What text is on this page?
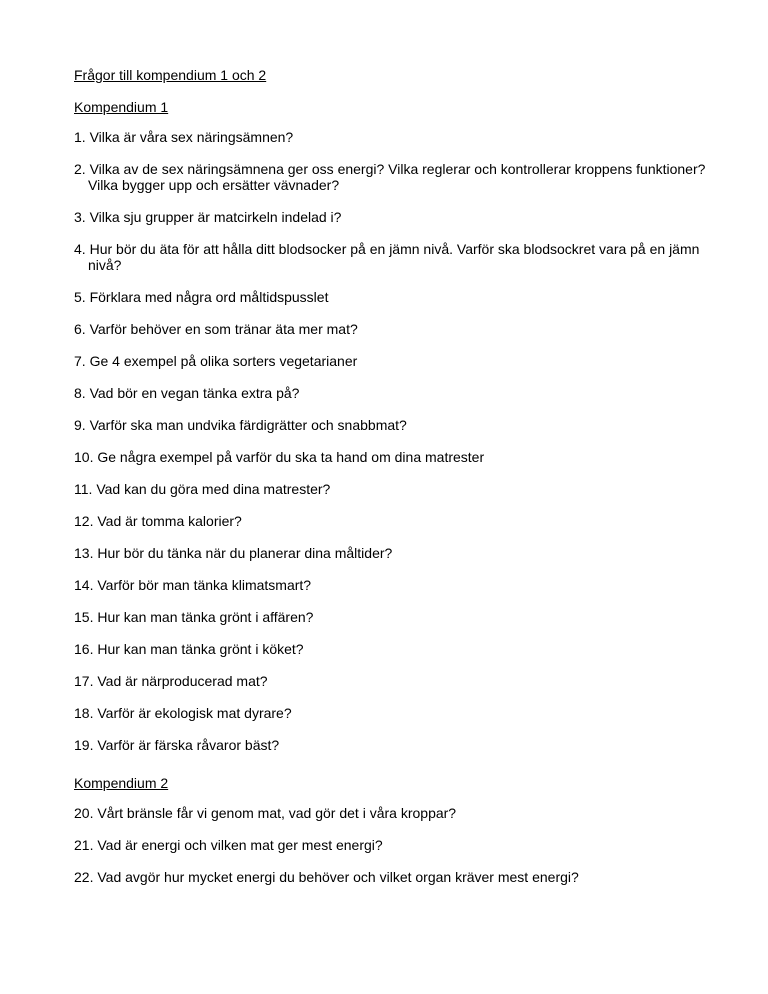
Frågor till kompendium 1 och 2

Kompendium 1

1. Vilka är våra sex näringsämnen?

2. Vilka av de sex näringsämnena ger oss energi? Vilka reglerar och kontrollerar kroppens funktioner? Vilka bygger upp och ersätter vävnader?

3. Vilka sju grupper är matcirkeln indelad i?

4. Hur bör du äta för att hålla ditt blodsocker på en jämn nivå. Varför ska blodsockret vara på en jämn nivå?

5. Förklara med några ord måltidspusslet

6. Varför behöver en som tränar äta mer mat?

7. Ge 4 exempel på olika sorters vegetarianer

8. Vad bör en vegan tänka extra på?

9. Varför ska man undvika färdigrätter och snabbmat?

10. Ge några exempel på varför du ska ta hand om dina matrester

11. Vad kan du göra med dina matrester?

12. Vad är tomma kalorier?

13. Hur bör du tänka när du planerar dina måltider?

14. Varför bör man tänka klimatsmart?

15. Hur kan man tänka grönt i affären?

16. Hur kan man tänka grönt i köket?

17. Vad är närproducerad mat?

18. Varför är ekologisk mat dyrare?

19. Varför är färska råvaror bäst?

Kompendium 2

20. Vårt bränsle får vi genom mat, vad gör det i våra kroppar?

21. Vad är energi och vilken mat ger mest energi?

22. Vad avgör hur mycket energi du behöver och vilket organ kräver mest energi?
